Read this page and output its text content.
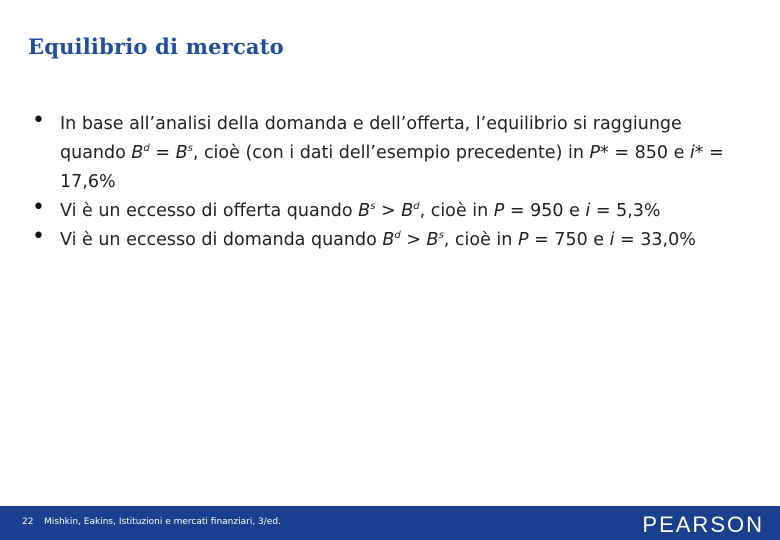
Equilibrio di mercato
• In base all’analisi della domanda e dell’offerta, l’equilibrio si raggiunge quando $B^d = B^s$, cioè (con i dati dell’esempio precedente) in P* = 850 e i* = 17,6%
• Vi è un eccesso di offerta quando $B^s > B^d$, cioè in P = 950 e i = 5,3%
• Vi è un eccesso di domanda quando $B^d > B^s$, cioè in P = 750 e i = 33,0%
22 Mishkin, Eakins, Istituzioni e mercati finanziari, 3/ed.	PEARSON
